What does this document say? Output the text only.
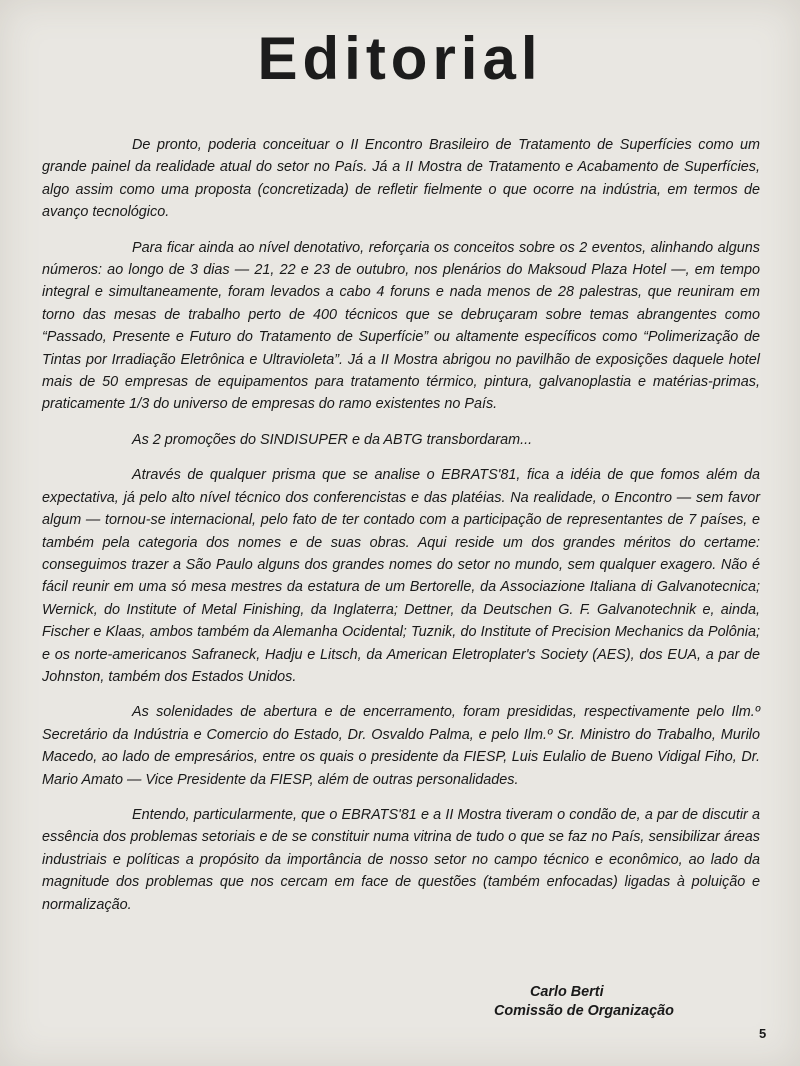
Editorial

De pronto, poderia conceituar o II Encontro Brasileiro de Tratamento de Superfícies como um grande painel da realidade atual do setor no País. Já a II Mostra de Tratamento e Acabamento de Superfícies, algo assim como uma proposta (concretizada) de refletir fielmente o que ocorre na indústria, em termos de avanço tecnológico.

Para ficar ainda ao nível denotativo, reforçaria os conceitos sobre os 2 eventos, alinhando alguns números: ao longo de 3 dias — 21, 22 e 23 de outubro, nos plenários do Maksoud Plaza Hotel —, em tempo integral e simultaneamente, foram levados a cabo 4 foruns e nada menos de 28 palestras, que reuniram em torno das mesas de trabalho perto de 400 técnicos que se debruçaram sobre temas abrangentes como “Passado, Presente e Futuro do Tratamento de Superfície” ou altamente específicos como “Polimerização de Tintas por Irradiação Eletrônica e Ultravioleta”. Já a II Mostra abrigou no pavilhão de exposições daquele hotel mais de 50 empresas de equipamentos para tratamento térmico, pintura, galvanoplastia e matérias-primas, praticamente 1/3 do universo de empresas do ramo existentes no País.

As 2 promoções do SINDISUPER e da ABTG transbordaram...

Através de qualquer prisma que se analise o EBRATS'81, fica a idéia de que fomos além da expectativa, já pelo alto nível técnico dos conferencistas e das platéias. Na realidade, o Encontro — sem favor algum — tornou-se internacional, pelo fato de ter contado com a participação de representantes de 7 países, e também pela categoria dos nomes e de suas obras. Aqui reside um dos grandes méritos do certame: conseguimos trazer a São Paulo alguns dos grandes nomes do setor no mundo, sem qualquer exagero. Não é fácil reunir em uma só mesa mestres da estatura de um Bertorelle, da Associazione Italiana di Galvanotecnica; Wernick, do Institute of Metal Finishing, da Inglaterra; Dettner, da Deutschen G. F. Galvanotechnik e, ainda, Fischer e Klaas, ambos também da Alemanha Ocidental; Tuznik, do Institute of Precision Mechanics da Polônia; e os norte-americanos Safraneck, Hadju e Litsch, da American Eletroplater's Society (AES), dos EUA, a par de Johnston, também dos Estados Unidos.

As solenidades de abertura e de encerramento, foram presididas, respectivamente pelo Ilm.º Secretário da Indústria e Comercio do Estado, Dr. Osvaldo Palma, e pelo Ilm.º Sr. Ministro do Trabalho, Murilo Macedo, ao lado de empresários, entre os quais o presidente da FIESP, Luis Eulalio de Bueno Vidigal Fiho, Dr. Mario Amato — Vice Presidente da FIESP, além de outras personalidades.

Entendo, particularmente, que o EBRATS'81 e a II Mostra tiveram o condão de, a par de discutir a essência dos problemas setoriais e de se constituir numa vitrina de tudo o que se faz no País, sensibilizar áreas industriais e políticas a propósito da importância de nosso setor no campo técnico e econômico, ao lado da magnitude dos problemas que nos cercam em face de questões (também enfocadas) ligadas à poluição e normalização.

Carlo Berti
Comissão de Organização
5
